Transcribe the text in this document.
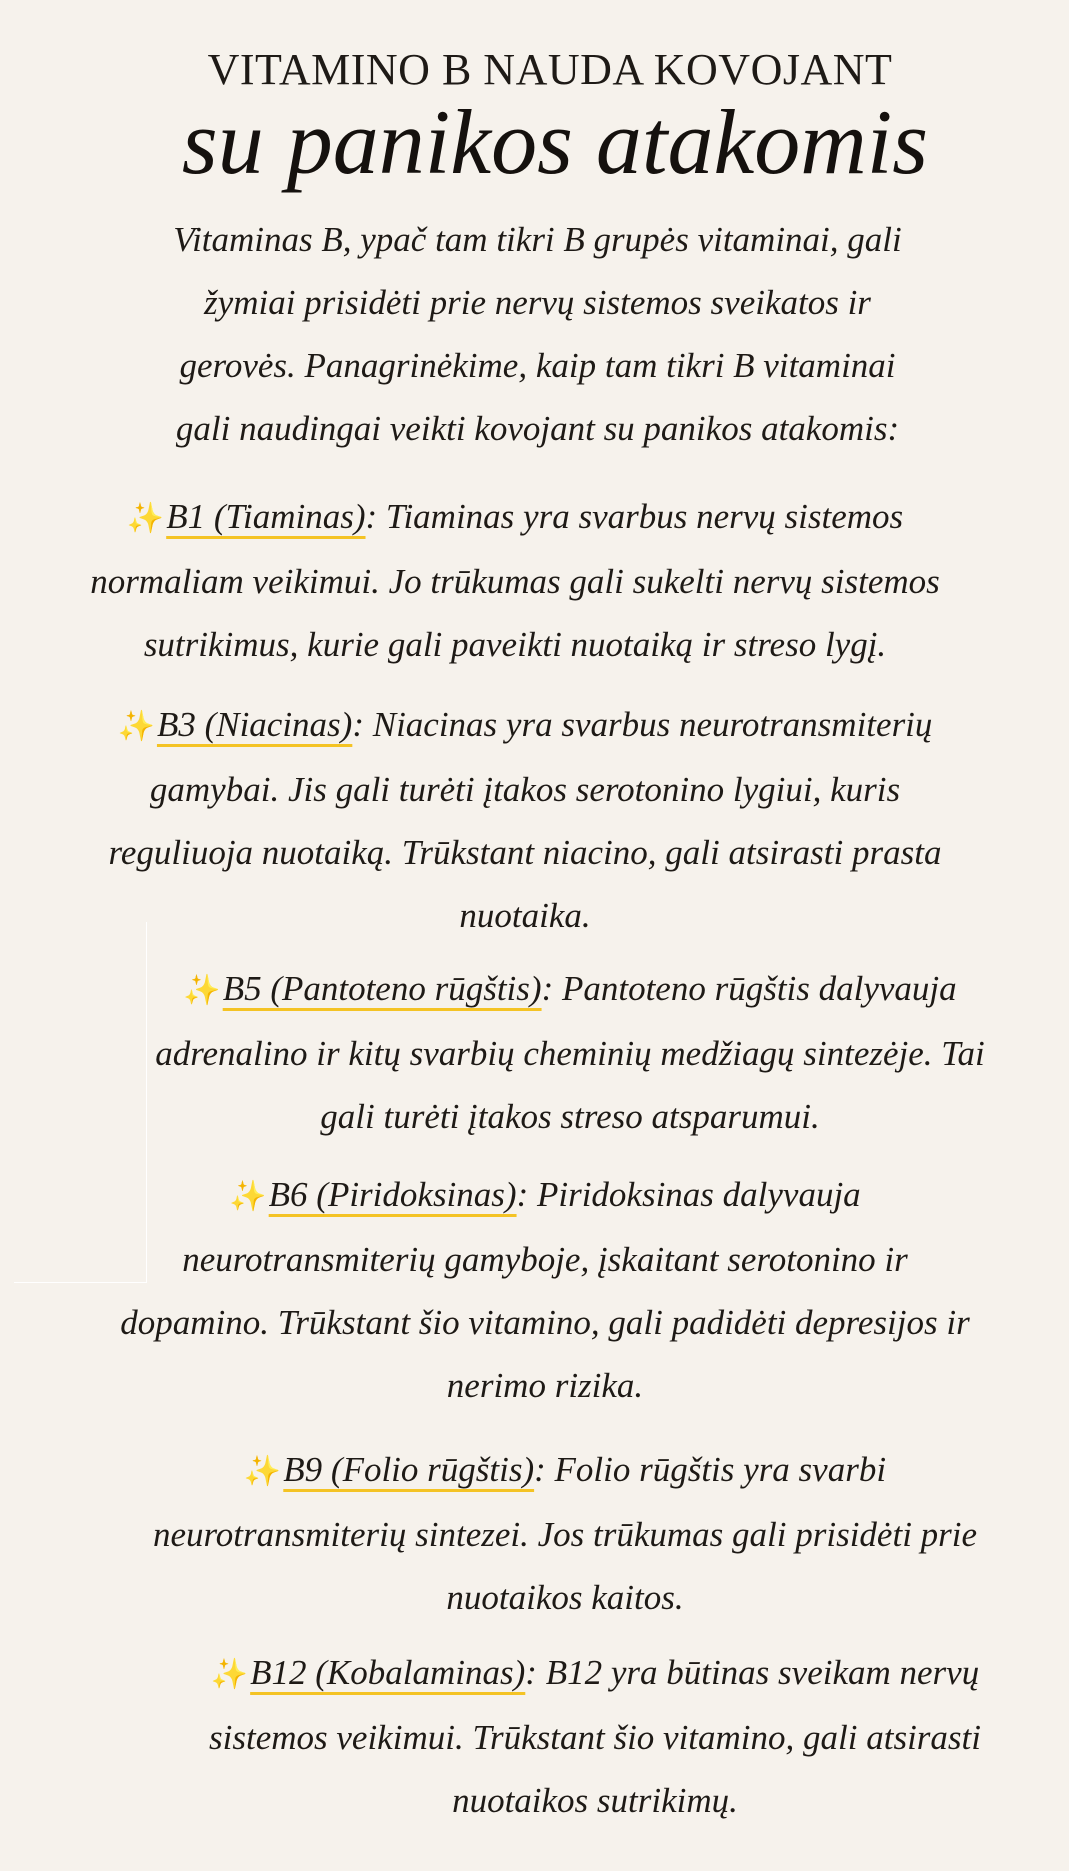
VITAMINO B NAUDA KOVOJANT
su panikos atakomis
Vitaminas B, ypač tam tikri B grupės vitaminai, gali žymiai prisidėti prie nervų sistemos sveikatos ir gerovės. Panagrinėkime, kaip tam tikri B vitaminai gali naudingai veikti kovojant su panikos atakomis:
✨B1 (Tiaminas): Tiaminas yra svarbus nervų sistemos normaliam veikimui. Jo trūkumas gali sukelti nervų sistemos sutrikimus, kurie gali paveikti nuotaiką ir streso lygį.
✨B3 (Niacinas): Niacinas yra svarbus neurotransmiterių gamybai. Jis gali turėti įtakos serotonino lygiui, kuris reguliuoja nuotaiką. Trūkstant niacino, gali atsirasti prasta nuotaika.
✨B5 (Pantoteno rūgštis): Pantoteno rūgštis dalyvauja adrenalino ir kitų svarbių cheminių medžiagų sintezėje. Tai gali turėti įtakos streso atsparumui.
✨B6 (Piridoksinas): Piridoksinas dalyvauja neurotransmiterių gamyboje, įskaitant serotonino ir dopamino. Trūkstant šio vitamino, gali padidėti depresijos ir nerimo rizika.
✨B9 (Folio rūgštis): Folio rūgštis yra svarbi neurotransmiterių sintezei. Jos trūkumas gali prisidėti prie nuotaikos kaitos.
✨B12 (Kobalaminas): B12 yra būtinas sveikam nervų sistemos veikimui. Trūkstant šio vitamino, gali atsirasti nuotaikos sutrikimų.
